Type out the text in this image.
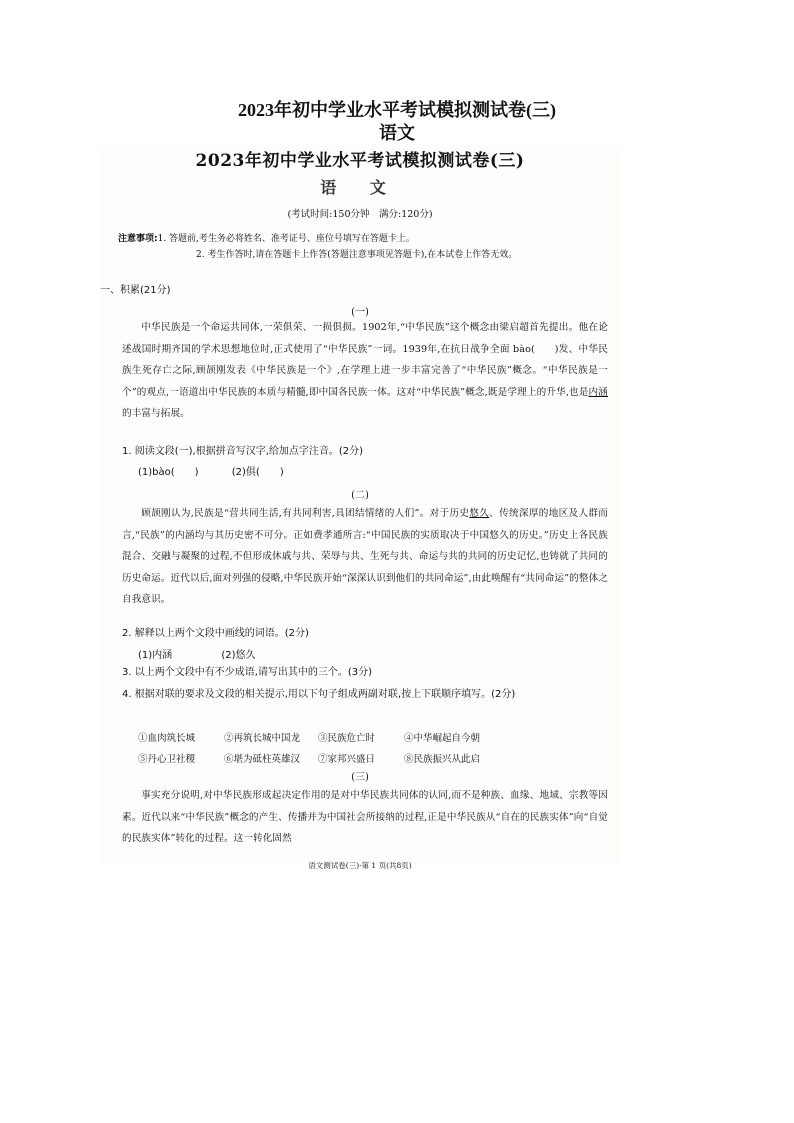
2023年初中学业水平考试模拟测试卷(三)
语文
2023年初中学业水平考试模拟测试卷(三)
语 文
(考试时间:150分钟　满分:120分)
注意事项:1. 答题前,考生务必将姓名、准考证号、座位号填写在答题卡上。
2. 考生作答时,请在答题卡上作答(答题注意事项见答题卡),在本试卷上作答无效。
一、积累(21分)
(一)
中华民族是一个命运共同体,一荣俱荣、一损俱损。1902年,“中华民族”这个概念由梁启超首先提出。他在论述战国时期齐国的学术思想地位时,正式使用了“中华民族”一词。1939年,在抗日战争全面 bào(　　)发、中华民族生死存亡之际,顾颉刚发表《中华民族是一个》,在学理上进一步丰富完善了“中华民族”概念。“中华民族是一个”的观点,一语道出中华民族的本质与精髓,即中国各民族一体。这对“中华民族”概念,既是学理上的升华,也是内涵的丰富与拓展。
1. 阅读文段(一),根据拼音写汉字,给加点字注音。(2分)
(1)bào(　　)	(2)俱(　　)
(二)
顾颉刚认为,民族是“营共同生活,有共同利害,具团结情绪的人们”。对于历史悠久、传统深厚的地区及人群而言,“民族”的内涵均与其历史密不可分。正如费孝通所言:“中国民族的实质取决于中国悠久的历史。”历史上各民族混合、交融与凝聚的过程,不但形成休戚与共、荣辱与共、生死与共、命运与共的共同的历史记忆,也铸就了共同的历史命运。近代以后,面对列强的侵略,中华民族开始“深深认识到他们的共同命运”,由此唤醒有“共同命运”的整体之自我意识。
2. 解释以上两个文段中画线的词语。(2分)
(1)内涵	(2)悠久
3. 以上两个文段中有不少成语,请写出其中的三个。(3分)
4. 根据对联的要求及文段的相关提示,用以下句子组成两副对联,按上下联顺序填写。(2分)
①血肉筑长城	②再筑长城中国龙 ③民族危亡时	④中华崛起自今朝
⑤丹心卫社稷	⑥堪为砥柱英雄汉 ⑦家邦兴盛日	⑧民族振兴从此启
(三)
事实充分说明,对中华民族形成起决定作用的是对中华民族共同体的认同,而不是种族、血缘、地域、宗教等因素。近代以来“中华民族”概念的产生、传播并为中国社会所接纳的过程,正是中华民族从“自在的民族实体”向“自觉的民族实体”转化的过程。这一转化固然
语文测试卷(三)·第 1 页(共8页)
